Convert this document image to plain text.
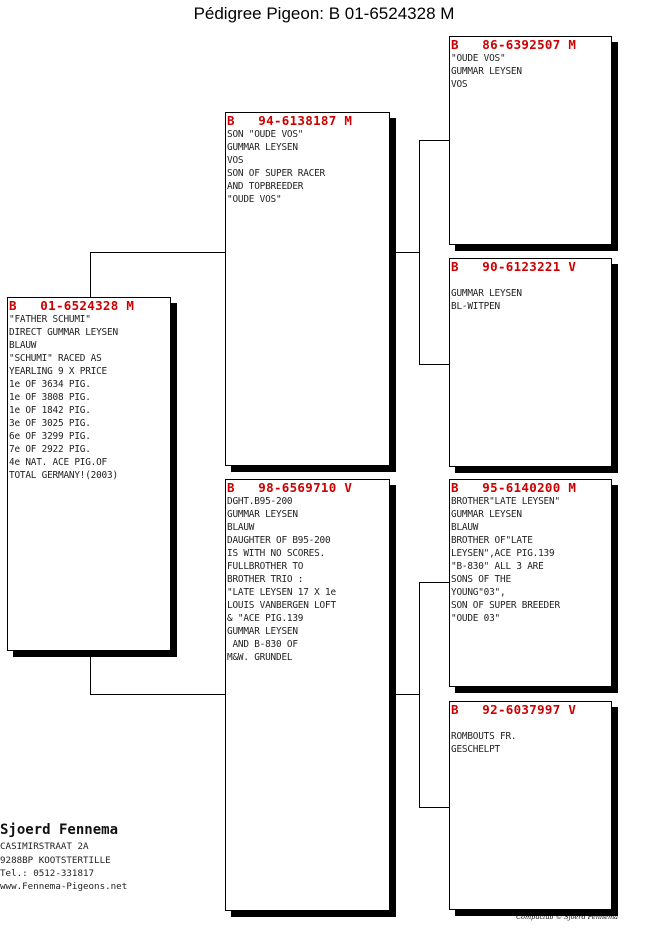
Pédigree Pigeon: B 01-6524328 M
B   01-6524328 M
"FATHER SCHUMI"
DIRECT GUMMAR LEYSEN
BLAUW
"SCHUMI" RACED AS
YEARLING 9 X PRICE
1e OF 3634 PIG.
1e OF 3808 PIG.
1e OF 1842 PIG.
3e OF 3025 PIG.
6e OF 3299 PIG.
7e OF 2922 PIG.
4e NAT. ACE PIG.OF
TOTAL GERMANY!(2003)
B   94-6138187 M
SON "OUDE VOS"
GUMMAR LEYSEN
VOS
SON OF SUPER RACER
AND TOPBREEDER
"OUDE VOS"
B   98-6569710 V
DGHT.B95-200
GUMMAR LEYSEN
BLAUW
DAUGHTER OF B95-200
IS WITH NO SCORES.
FULLBROTHER TO
BROTHER TRIO :
"LATE LEYSEN 17 X 1e
LOUIS VANBERGEN LOFT
& "ACE PIG.139
GUMMAR LEYSEN
AND B-830 OF
M&W. GRUNDEL
B   86-6392507 M
"OUDE VOS"
GUMMAR LEYSEN
VOS
B   90-6123221 V

GUMMAR LEYSEN
BL-WITPEN
B   95-6140200 M
BROTHER"LATE LEYSEN"
GUMMAR LEYSEN
BLAUW
BROTHER OF"LATE
LEYSEN",ACE PIG.139
"B-830" ALL 3 ARE
SONS OF THE
YOUNG"03",
SON OF SUPER BREEDER
"OUDE 03"
B   92-6037997 V

ROMBOUTS FR.
GESCHELPT
Sjoerd Fennema
CASIMIRSTRAAT 2A
9288BP KOOTSTERTILLE
Tel.: 0512-331817
www.Fennema-Pigeons.net
Compuclub © Sjoerd Fennema
